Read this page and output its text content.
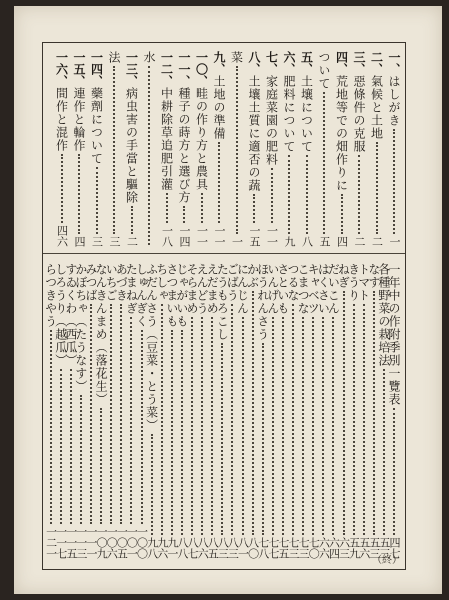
一、
はしがき
一
二、
氣候と土地
二
三、
惡條件の克服
二
四、
荒地等での畑作りに
四
ついて
五
五、
土壤について
八
六、
肥料について
九
七、
家庭菜園の肥料
一一
八、
土壤土質に適否の蔬
一五
菜
一
九、
土地の準備
一一
一〇、
畦の作り方と農具
一一
一一、
種子の蒔方と選び方
一四
一二、
中耕除草追肥引灌
一八
水
一三、
病虫害の手當と驅除
二
法
三
一四、
藥劑について
三
一五、
連作と輪作
四
一六、
間作と混作
四六
一年中の作附季別一覽表
四七
各種野菜の栽培法
五三
なす
五三
トマト
五六
きうり
五九
ねぎ
六三
だいこん
六四
はくさい
六六
キャベツ
七〇
こまつな
七三
つるな
七三
さといも
七五
いんげん
七七
ほうれんさう
七八
かぶ
八〇
にんじん
八一
ごばう
八三
たうもろこし
八三
えだまめ
八五
えんどう
八六
そらまめ
八七
じゃがいも
八八
さつまいも
九一
ちしゃ
九六
ふだんさう（豆菜・とう菜）
九八
しゅんぎく
一〇〇
たまねぎ
一〇一
あづき
一〇五
いちご
一〇六
なんきんまめ（落花生）
一〇九
みつば
一一一
かぼちゃ（たうなす）
一一三
すゐくわ（西瓜）
一一五
しろうり（越瓜）
一一七
らつきやう
一二一
（終）
